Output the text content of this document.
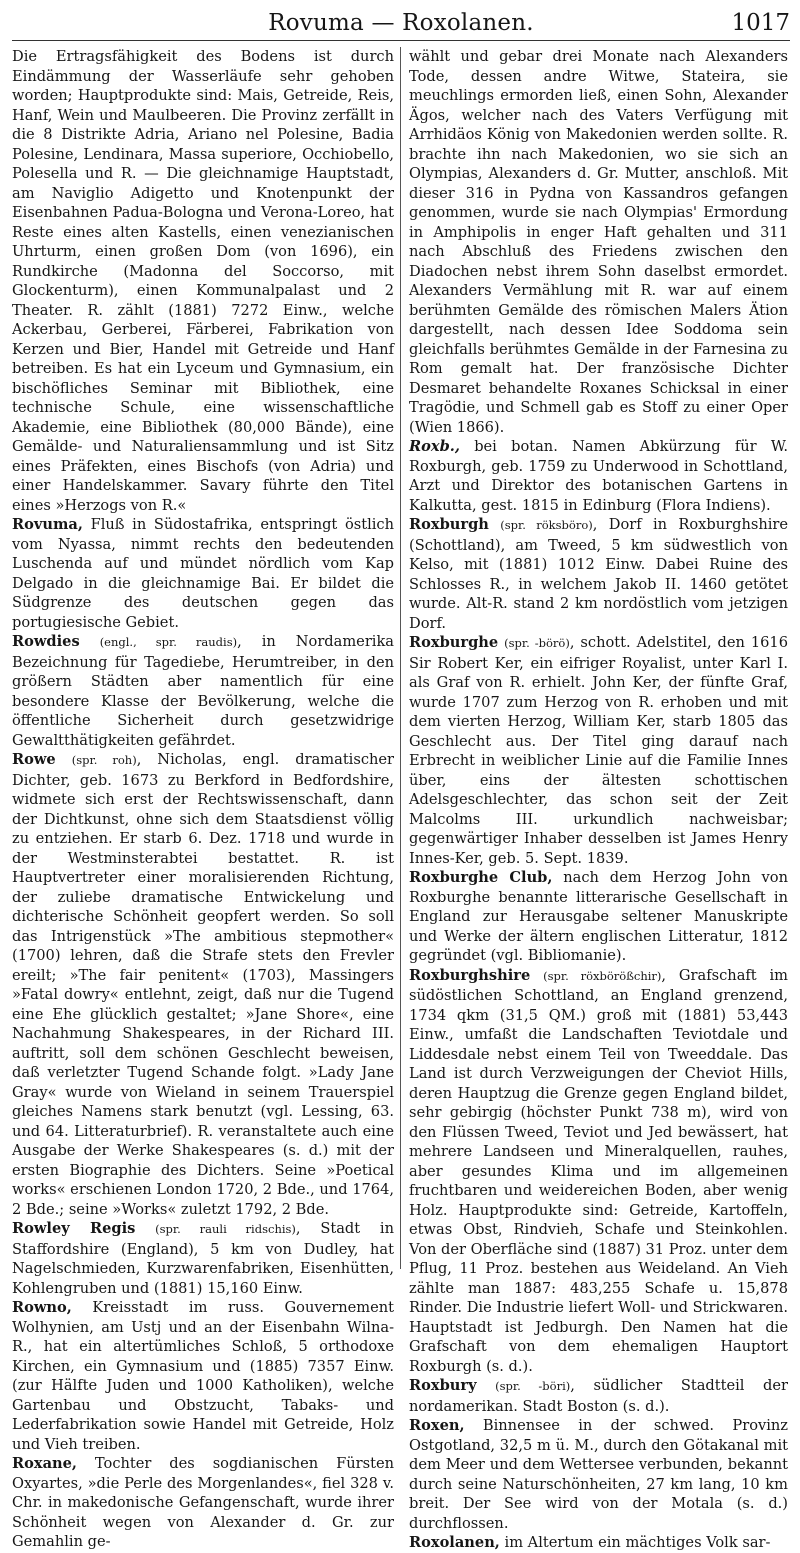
Rovuma — Roxolanen.	1017

Die Ertragsfähigkeit des Bodens ist durch Eindämmung der Wasserläufe sehr gehoben worden; Hauptprodukte sind: Mais, Getreide, Reis, Hanf, Wein und Maulbeeren. Die Provinz zerfällt in die 8 Distrikte Adria, Ariano nel Polesine, Badia Polesine, Lendinara, Massa superiore, Occhiobello, Polesella und R. — Die gleichnamige Hauptstadt, am Naviglio Adigetto und Knotenpunkt der Eisenbahnen Padua-Bologna und Verona-Loreo, hat Reste eines alten Kastells, einen venezianischen Uhrturm, einen großen Dom (von 1696), ein Rundkirche (Madonna del Soccorso, mit Glockenturm), einen Kommunalpalast und 2 Theater. R. zählt (1881) 7272 Einw., welche Ackerbau, Gerberei, Färberei, Fabrikation von Kerzen und Bier, Handel mit Getreide und Hanf betreiben. Es hat ein Lyceum und Gymnasium, ein bischöfliches Seminar mit Bibliothek, eine technische Schule, eine wissenschaftliche Akademie, eine Bibliothek (80,000 Bände), eine Gemälde- und Naturaliensammlung und ist Sitz eines Präfekten, eines Bischofs (von Adria) und einer Handelskammer. Savary führte den Titel eines »Herzogs von R.«

Rovuma, Fluß in Südostafrika, entspringt östlich vom Nyassa, nimmt rechts den bedeutenden Luschenda auf und mündet nördlich vom Kap Delgado in die gleichnamige Bai. Er bildet die Südgrenze des deutschen gegen das portugiesische Gebiet.

Rowdies (engl., spr. raudis), in Nordamerika Bezeichnung für Tagediebe, Herumtreiber, in den größern Städten aber namentlich für eine besondere Klasse der Bevölkerung, welche die öffentliche Sicherheit durch gesetzwidrige Gewaltthätigkeiten gefährdet.

Rowe (spr. roh), Nicholas, engl. dramatischer Dichter, geb. 1673 zu Berkford in Bedfordshire, widmete sich erst der Rechtswissenschaft, dann der Dichtkunst, ohne sich dem Staatsdienst völlig zu entziehen. Er starb 6. Dez. 1718 und wurde in der Westminsterabtei bestattet. R. ist Hauptvertreter einer moralisierenden Richtung, der zuliebe dramatische Entwickelung und dichterische Schönheit geopfert werden. So soll das Intrigenstück »The ambitious stepmother« (1700) lehren, daß die Strafe stets den Frevler ereilt; »The fair penitent« (1703), Massingers »Fatal dowry« entlehnt, zeigt, daß nur die Tugend eine Ehe glücklich gestaltet; »Jane Shore«, eine Nachahmung Shakespeares, in der Richard III. auftritt, soll dem schönen Geschlecht beweisen, daß verletzter Tugend Schande folgt. »Lady Jane Gray« wurde von Wieland in seinem Trauerspiel gleiches Namens stark benutzt (vgl. Lessing, 63. und 64. Litteraturbrief). R. veranstaltete auch eine Ausgabe der Werke Shakespeares (s. d.) mit der ersten Biographie des Dichters. Seine »Poetical works« erschienen London 1720, 2 Bde., und 1764, 2 Bde.; seine »Works« zuletzt 1792, 2 Bde.

Rowley Regis (spr. rauli ridschis), Stadt in Staffordshire (England), 5 km von Dudley, hat Nagelschmieden, Kurzwarenfabriken, Eisenhütten, Kohlengruben und (1881) 15,160 Einw.

Rowno, Kreisstadt im russ. Gouvernement Wolhynien, am Ustj und an der Eisenbahn Wilna-R., hat ein altertümliches Schloß, 5 orthodoxe Kirchen, ein Gymnasium und (1885) 7357 Einw. (zur Hälfte Juden und 1000 Katholiken), welche Gartenbau und Obstzucht, Tabaks- und Lederfabrikation sowie Handel mit Getreide, Holz und Vieh treiben.

Roxane, Tochter des sogdianischen Fürsten Oxyartes, »die Perle des Morgenlandes«, fiel 328 v. Chr. in makedonische Gefangenschaft, wurde ihrer Schönheit wegen von Alexander d. Gr. zur Gemahlin ge-

wählt und gebar drei Monate nach Alexanders Tode, dessen andre Witwe, Stateira, sie meuchlings ermorden ließ, einen Sohn, Alexander Ägos, welcher nach des Vaters Verfügung mit Arrhidäos König von Makedonien werden sollte. R. brachte ihn nach Makedonien, wo sie sich an Olympias, Alexanders d. Gr. Mutter, anschloß. Mit dieser 316 in Pydna von Kassandros gefangen genommen, wurde sie nach Olympias' Ermordung in Amphipolis in enger Haft gehalten und 311 nach Abschluß des Friedens zwischen den Diadochen nebst ihrem Sohn daselbst ermordet. Alexanders Vermählung mit R. war auf einem berühmten Gemälde des römischen Malers Ätion dargestellt, nach dessen Idee Soddoma sein gleichfalls berühmtes Gemälde in der Farnesina zu Rom gemalt hat. Der französische Dichter Desmaret behandelte Roxanes Schicksal in einer Tragödie, und Schmell gab es Stoff zu einer Oper (Wien 1866).

Roxb., bei botan. Namen Abkürzung für W. Roxburgh, geb. 1759 zu Underwood in Schottland, Arzt und Direktor des botanischen Gartens in Kalkutta, gest. 1815 in Edinburg (Flora Indiens).

Roxburgh (spr. röksböro), Dorf in Roxburghshire (Schottland), am Tweed, 5 km südwestlich von Kelso, mit (1881) 1012 Einw. Dabei Ruine des Schlosses R., in welchem Jakob II. 1460 getötet wurde. Alt-R. stand 2 km nordöstlich vom jetzigen Dorf.

Roxburghe (spr. -börö), schott. Adelstitel, den 1616 Sir Robert Ker, ein eifriger Royalist, unter Karl I. als Graf von R. erhielt. John Ker, der fünfte Graf, wurde 1707 zum Herzog von R. erhoben und mit dem vierten Herzog, William Ker, starb 1805 das Geschlecht aus. Der Titel ging darauf nach Erbrecht in weiblicher Linie auf die Familie Innes über, eins der ältesten schottischen Adelsgeschlechter, das schon seit der Zeit Malcolms III. urkundlich nachweisbar; gegenwärtiger Inhaber desselben ist James Henry Innes-Ker, geb. 5. Sept. 1839.

Roxburghe Club, nach dem Herzog John von Roxburghe benannte litterarische Gesellschaft in England zur Herausgabe seltener Manuskripte und Werke der ältern englischen Litteratur, 1812 gegründet (vgl. Bibliomanie).

Roxburghshire (spr. röxbörößchir), Grafschaft im südöstlichen Schottland, an England grenzend, 1734 qkm (31,5 QM.) groß mit (1881) 53,443 Einw., umfaßt die Landschaften Teviotdale und Liddesdale nebst einem Teil von Tweeddale. Das Land ist durch Verzweigungen der Cheviot Hills, deren Hauptzug die Grenze gegen England bildet, sehr gebirgig (höchster Punkt 738 m), wird von den Flüssen Tweed, Teviot und Jed bewässert, hat mehrere Landseen und Mineralquellen, rauhes, aber gesundes Klima und im allgemeinen fruchtbaren und weidereichen Boden, aber wenig Holz. Hauptprodukte sind: Getreide, Kartoffeln, etwas Obst, Rindvieh, Schafe und Steinkohlen. Von der Oberfläche sind (1887) 31 Proz. unter dem Pflug, 11 Proz. bestehen aus Weideland. An Vieh zählte man 1887: 483,255 Schafe u. 15,878 Rinder. Die Industrie liefert Woll- und Strickwaren. Hauptstadt ist Jedburgh. Den Namen hat die Grafschaft von dem ehemaligen Hauptort Roxburgh (s. d.).

Roxbury (spr. -böri), südlicher Stadtteil der nordamerikan. Stadt Boston (s. d.).

Roxen, Binnensee in der schwed. Provinz Ostgotland, 32,5 m ü. M., durch den Götakanal mit dem Meer und dem Wettersee verbunden, bekannt durch seine Naturschönheiten, 27 km lang, 10 km breit. Der See wird von der Motala (s. d.) durchflossen.

Roxolanen, im Altertum ein mächtiges Volk sar-
